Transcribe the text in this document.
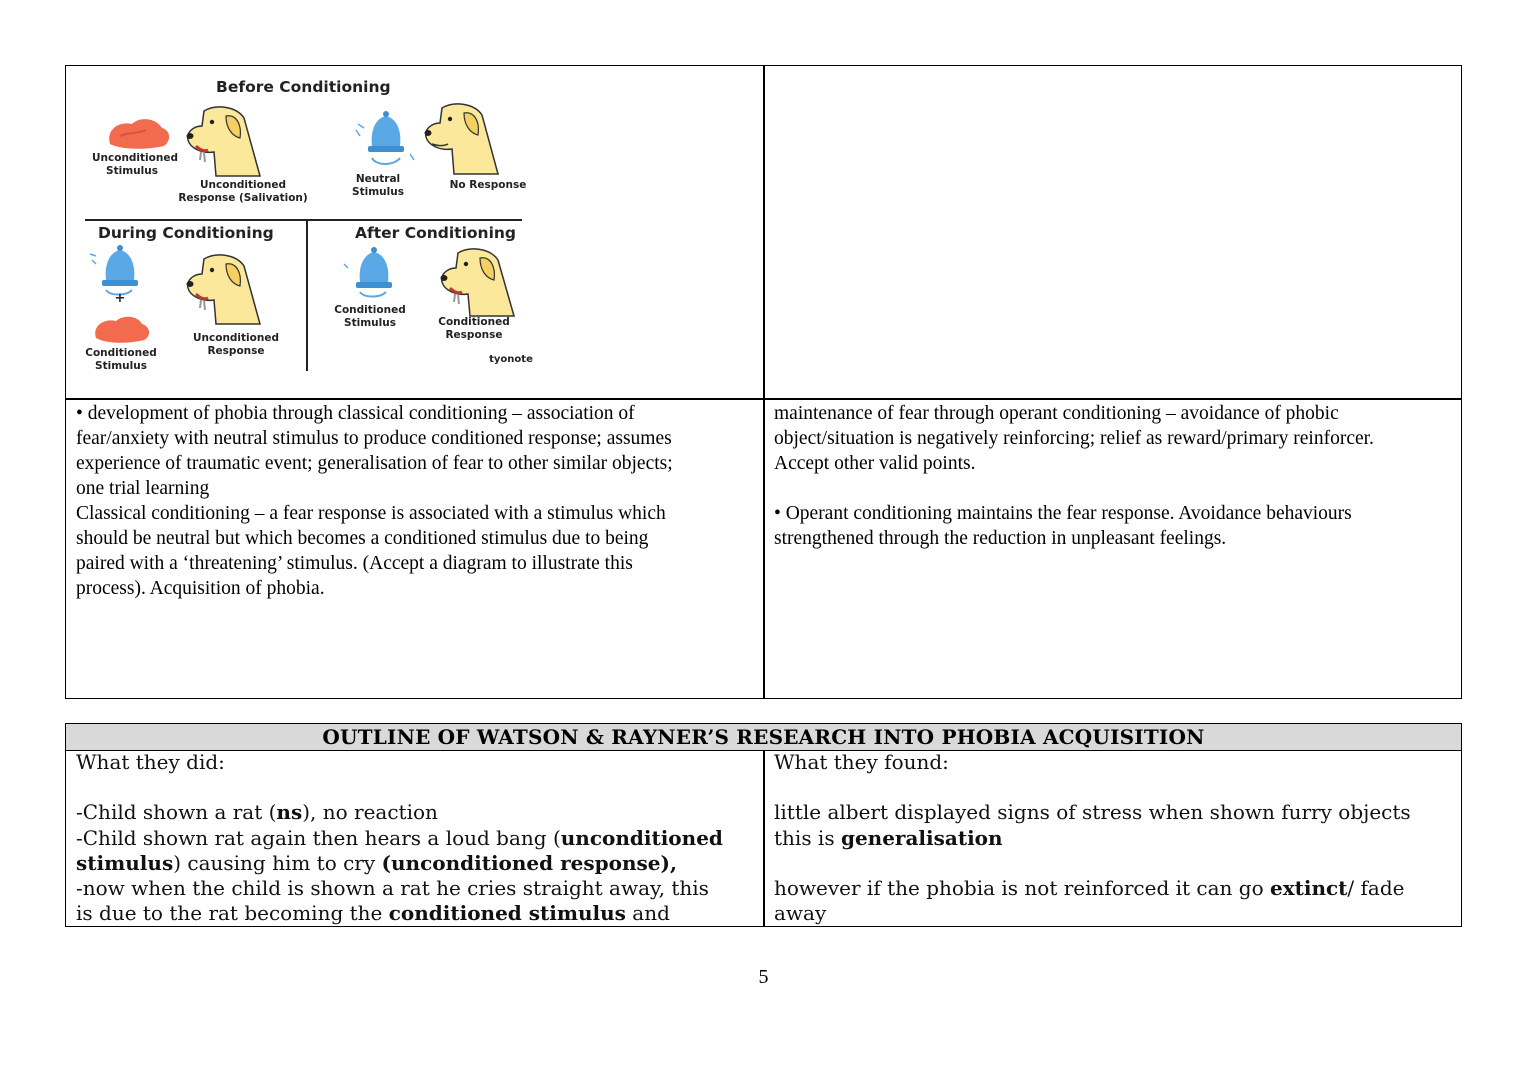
Before Conditioning
During Conditioning	After Conditioning
Unconditioned
Stimulus
Unconditioned
Response (Salivation)
Neutral
Stimulus
No Response
+
Conditioned
Stimulus
Unconditioned
Response
Conditioned
Stimulus	Conditioned
Response
tyonote

• development of phobia through classical conditioning – association of

fear/anxiety with neutral stimulus to produce conditioned response; assumes

experience of traumatic event; generalisation of fear to other similar objects;

one trial learning

Classical conditioning – a fear response is associated with a stimulus which

should be neutral but which becomes a conditioned stimulus due to being

paired with a ‘threatening’ stimulus. (Accept a diagram to illustrate this

process). Acquisition of phobia.

maintenance of fear through operant conditioning – avoidance of phobic

object/situation is negatively reinforcing; relief as reward/primary reinforcer.

Accept other valid points.

• Operant conditioning maintains the fear response. Avoidance behaviours

strengthened through the reduction in unpleasant feelings.

OUTLINE OF WATSON & RAYNER’S RESEARCH INTO PHOBIA ACQUISITION

What they did:

-Child shown a rat (ns), no reaction

-Child shown rat again then hears a loud bang (unconditioned

stimulus) causing him to cry (unconditioned response),

-now when the child is shown a rat he cries straight away, this

is due to the rat becoming the conditioned stimulus and

What they found:

little albert displayed signs of stress when shown furry objects

this is generalisation

however if the phobia is not reinforced it can go extinct/ fade

away

5
